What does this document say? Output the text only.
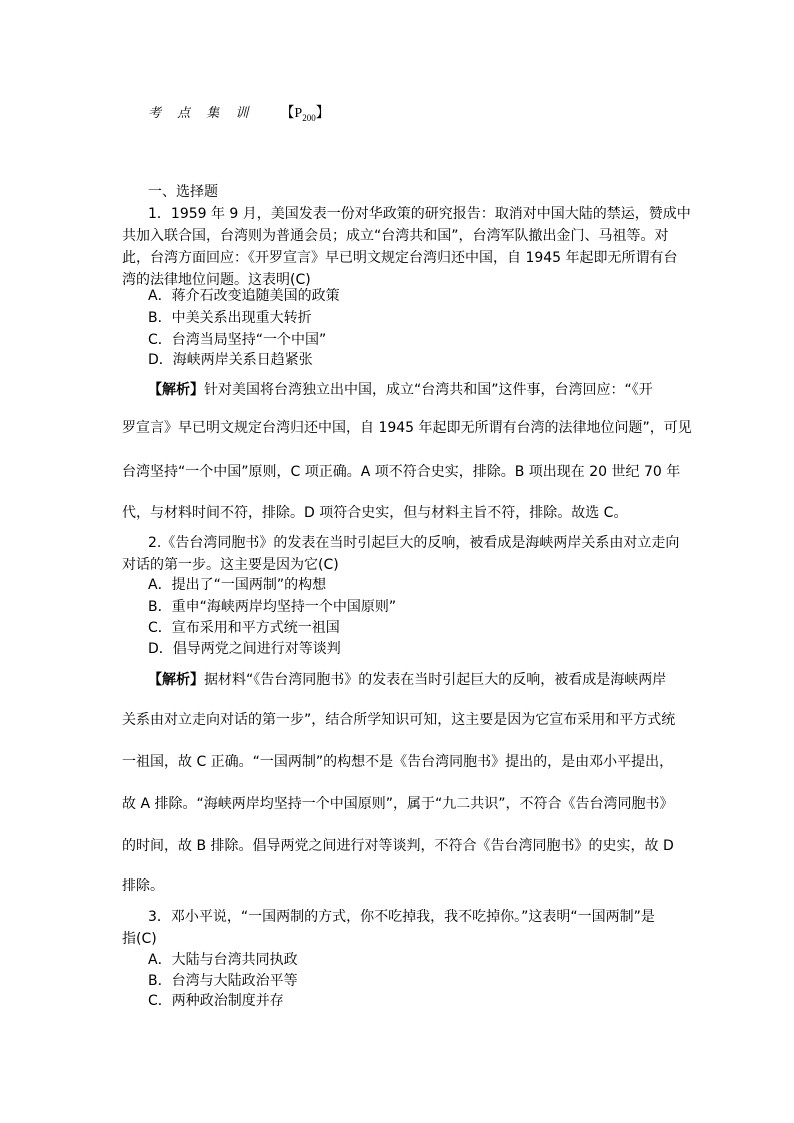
考 点 集 训 【$P_{200}$】
一、选择题
1．1959 年 9 月，美国发表一份对华政策的研究报告：取消对中国大陆的禁运，赞成中
共加入联合国，台湾则为普通会员；成立“台湾共和国”，台湾军队撤出金门、马祖等。对
此，台湾方面回应：《开罗宣言》早已明文规定台湾归还中国，自 1945 年起即无所谓有台
湾的法律地位问题。这表明(C)
A．蒋介石改变追随美国的政策
B．中美关系出现重大转折
C．台湾当局坚持“一个中国”
D．海峡两岸关系日趋紧张
【解析】针对美国将台湾独立出中国，成立“台湾共和国”这件事，台湾回应：“《开
罗宣言》早已明文规定台湾归还中国，自 1945 年起即无所谓有台湾的法律地位问题”，可见
台湾坚持“一个中国”原则，C 项正确。A 项不符合史实，排除。B 项出现在 20 世纪 70 年
代，与材料时间不符，排除。D 项符合史实，但与材料主旨不符，排除。故选 C。
2.《告台湾同胞书》的发表在当时引起巨大的反响，被看成是海峡两岸关系由对立走向
对话的第一步。这主要是因为它(C)
A．提出了“一国两制”的构想
B．重申“海峡两岸均坚持一个中国原则”
C．宣布采用和平方式统一祖国
D．倡导两党之间进行对等谈判
【解析】据材料“《告台湾同胞书》的发表在当时引起巨大的反响，被看成是海峡两岸
关系由对立走向对话的第一步”，结合所学知识可知，这主要是因为它宣布采用和平方式统
一祖国，故 C 正确。“一国两制”的构想不是《告台湾同胞书》提出的，是由邓小平提出，
故 A 排除。“海峡两岸均坚持一个中国原则”，属于“九二共识”，不符合《告台湾同胞书》
的时间，故 B 排除。倡导两党之间进行对等谈判，不符合《告台湾同胞书》的史实，故 D
排除。
3．邓小平说，“一国两制的方式，你不吃掉我，我不吃掉你。”这表明“一国两制”是
指(C)
A．大陆与台湾共同执政
B．台湾与大陆政治平等
C．两种政治制度并存
